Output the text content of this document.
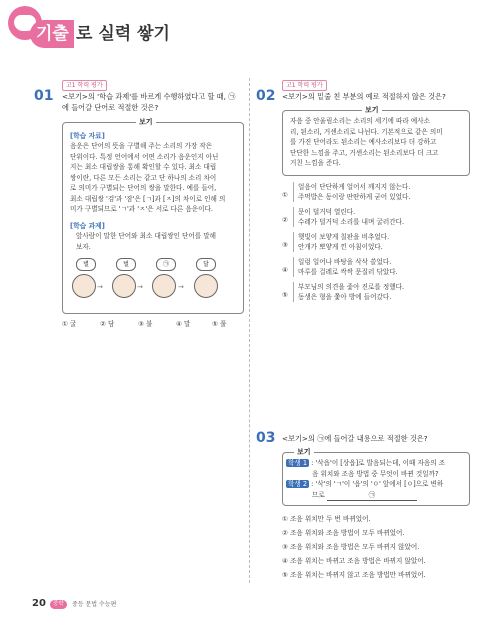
기출 로 실력 쌓기
01
고1 학력 평가
<보기>의 '학습 과제'를 바르게 수행하였다고 할 때, ㉠
에 들어갈 단어로 적절한 것은?
보기
[학습 자료]
음운은 단어의 뜻을 구별해 주는 소리의 가장 작은
단위이다. 특정 언어에서 어떤 소리가 음운인지 아닌
지는 최소 대립쌍을 통해 확인할 수 있다. 최소 대립
쌍이란, 다른 모든 소리는 같고 단 하나의 소리 차이
로 의미가 구별되는 단어의 쌍을 말한다. 예를 들어,
최소 대립쌍 '검'과 '잠'은 [ㄱ]과 [ㅈ]의 차이로 인해 의
미가 구별되므로 'ㄱ'과 'ㅈ'은 서로 다른 음운이다.
[학습 과제]
앞사람이 말한 단어와 최소 대립쌍인 단어를 말해
보자.
별	벌	㉠	달
→	→	→
① 굴	② 담	③ 불	④ 말	⑤ 풀
02
고1 학력 평가
<보기>의 밑줄 친 부분의 예로 적절하지 않은 것은?
보기
자음 중 안울림소리는 소리의 세기에 따라 예사소
리, 된소리, 거센소리로 나뉜다. 기본적으로 같은 의미
를 가진 단어라도 된소리는 예사소리보다 더 강하고
단단한 느낌을 주고, 거센소리는 된소리보다 더 크고
거친 느낌을 준다.
①
얼음이 단단하게 얼어서 깨지지 않는다.
주먹밥은 동이랑 딴딴하게 굳어 있었다.
②
문이 덜거덕 열린다.
수레가 덜거덕 소리를 내며 굴러간다.
③
햇빛이 보얗게 칠판을 비추었다.
안개가 뽀얗게 낀 아침이었다.
④
일렁 일어나 바탕을 삭삭 쓸었다.
마루를 걸레로 싹싹 문질러 닦았다.
⑤
부모님의 의견을 좇아 진로를 정했다.
동생은 형을 쫓아 방에 들어갔다.
03 <보기>의 ㉠에 들어갈 내용으로 적절한 것은?
보기
학생 1 : '삭읍'이 [상읍]로 발음되는데, 이때 자음의 조
음 위치와 조음 방법 중 무엇이 바뀐 것일까?
학생 2 : '삭'의 'ㄱ'이 '읍'의 'ㅇ' 앞에서 [ㅇ]으로 변하
므로	㉠
① 조음 위치만 두 번 바뀌었어.
② 조음 위치와 조음 방법이 모두 바뀌었어.
③ 조음 위치와 조음 방법은 모두 바뀌지 않았어.
④ 조음 위치는 바뀌고 조음 방법은 바뀌지 않았어.
⑤ 조음 위치는 바뀌지 않고 조음 방법만 바뀌었어.
20	중학	중등 문법 수능편
